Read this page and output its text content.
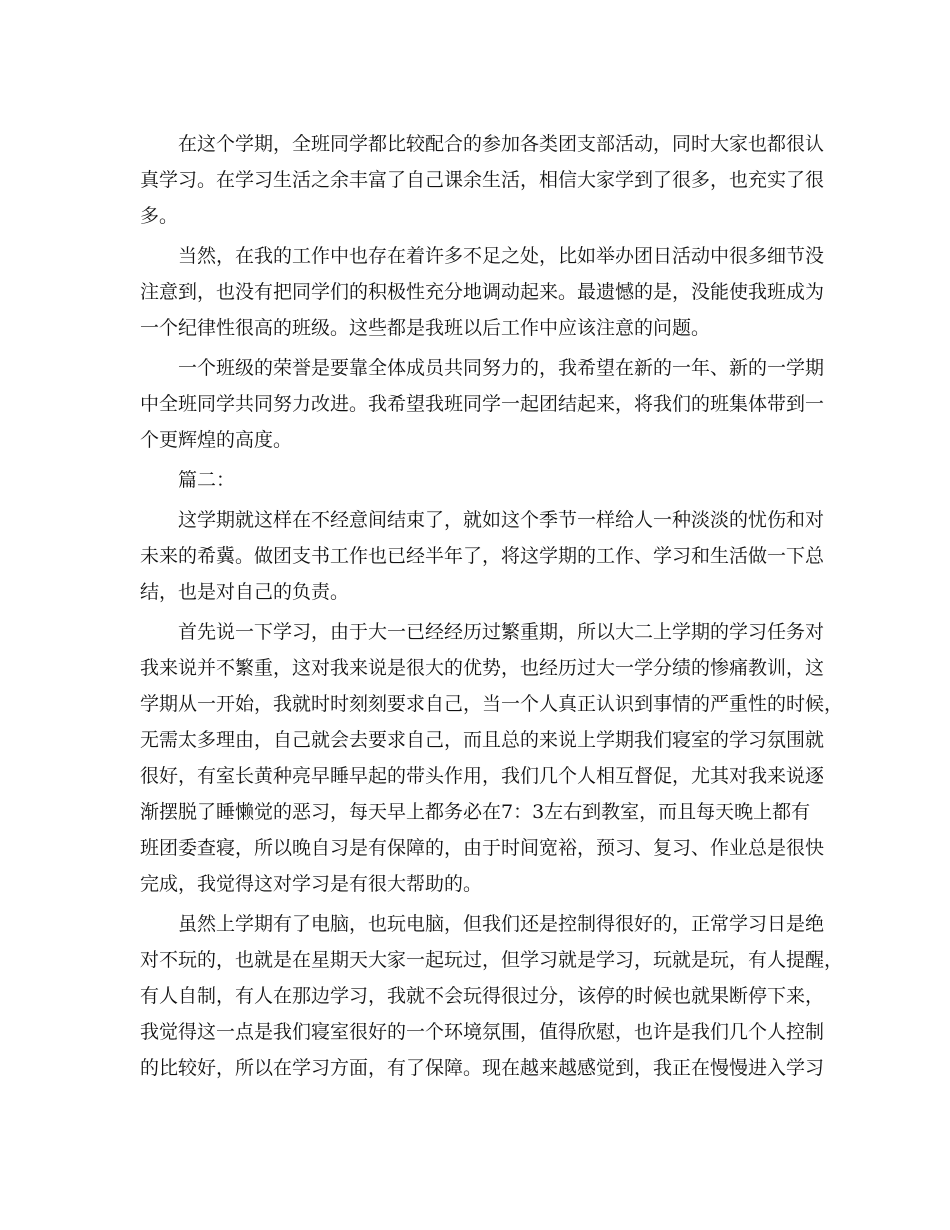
在这个学期，全班同学都比较配合的参加各类团支部活动，同时大家也都很认
真学习。在学习生活之余丰富了自己课余生活，相信大家学到了很多，也充实了很
多。
当然，在我的工作中也存在着许多不足之处，比如举办团日活动中很多细节没
注意到，也没有把同学们的积极性充分地调动起来。最遗憾的是，没能使我班成为
一个纪律性很高的班级。这些都是我班以后工作中应该注意的问题。
一个班级的荣誉是要靠全体成员共同努力的，我希望在新的一年、新的一学期
中全班同学共同努力改进。我希望我班同学一起团结起来，将我们的班集体带到一
个更辉煌的高度。
篇二：
这学期就这样在不经意间结束了，就如这个季节一样给人一种淡淡的忧伤和对
未来的希冀。做团支书工作也已经半年了，将这学期的工作、学习和生活做一下总
结，也是对自己的负责。
首先说一下学习，由于大一已经经历过繁重期，所以大二上学期的学习任务对
我来说并不繁重，这对我来说是很大的优势，也经历过大一学分绩的惨痛教训，这
学期从一开始，我就时时刻刻要求自己，当一个人真正认识到事情的严重性的时候，
无需太多理由，自己就会去要求自己，而且总的来说上学期我们寝室的学习氛围就
很好，有室长黄种亮早睡早起的带头作用，我们几个人相互督促，尤其对我来说逐
渐摆脱了睡懒觉的恶习，每天早上都务必在7：3左右到教室，而且每天晚上都有
班团委查寝，所以晚自习是有保障的，由于时间宽裕，预习、复习、作业总是很快
完成，我觉得这对学习是有很大帮助的。
虽然上学期有了电脑，也玩电脑，但我们还是控制得很好的，正常学习日是绝
对不玩的，也就是在星期天大家一起玩过，但学习就是学习，玩就是玩，有人提醒，
有人自制，有人在那边学习，我就不会玩得很过分，该停的时候也就果断停下来，
我觉得这一点是我们寝室很好的一个环境氛围，值得欣慰，也许是我们几个人控制
的比较好，所以在学习方面，有了保障。现在越来越感觉到，我正在慢慢进入学习
